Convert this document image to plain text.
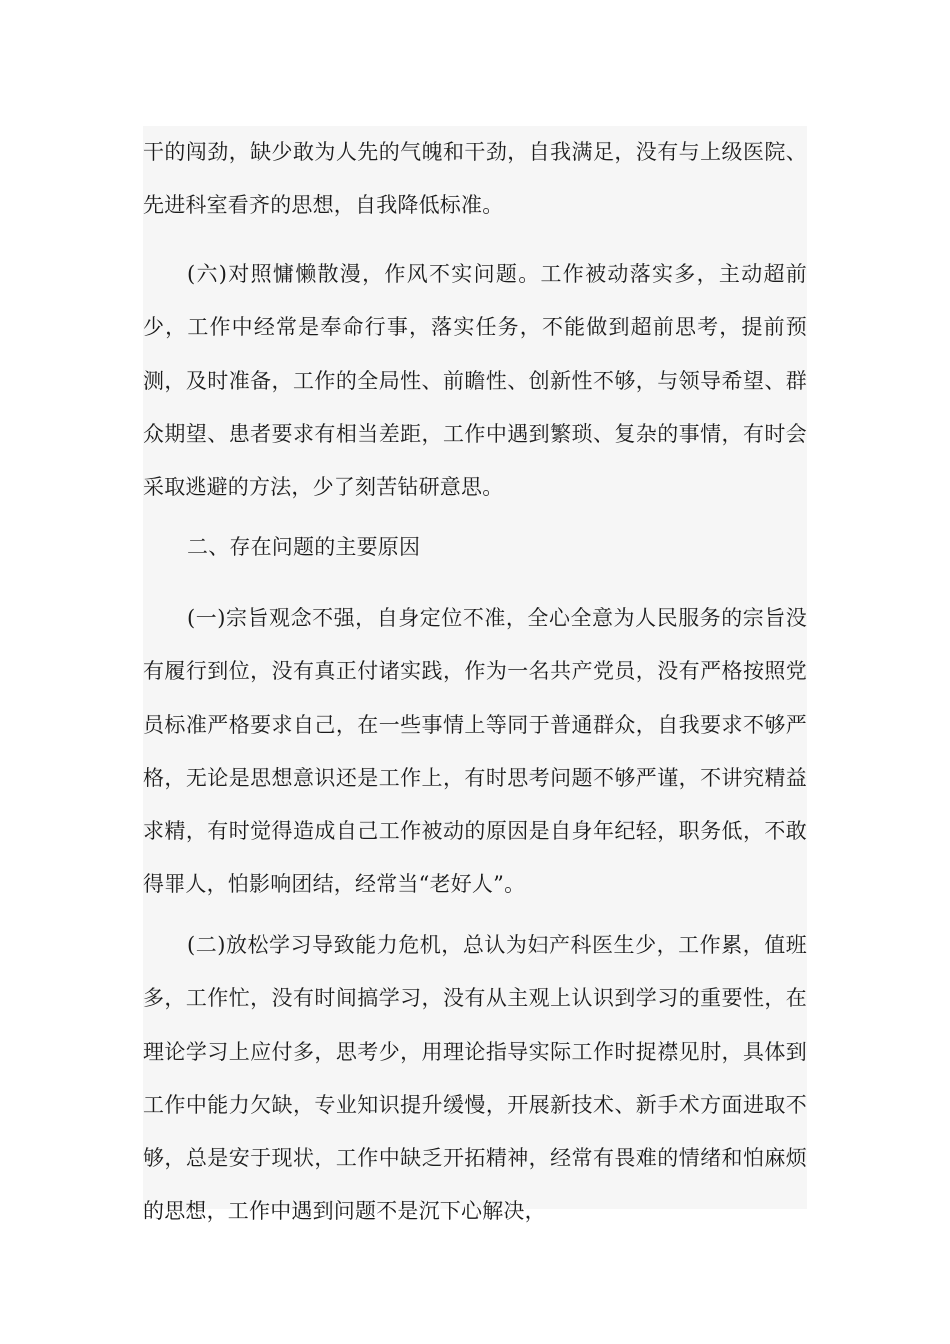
干的闯劲，缺少敢为人先的气魄和干劲，自我满足，没有与上级医院、先进科室看齐的思想，自我降低标准。

(六)对照慵懒散漫，作风不实问题。工作被动落实多，主动超前少，工作中经常是奉命行事，落实任务，不能做到超前思考，提前预测，及时准备，工作的全局性、前瞻性、创新性不够，与领导希望、群众期望、患者要求有相当差距，工作中遇到繁琐、复杂的事情，有时会采取逃避的方法，少了刻苦钻研意思。

二、存在问题的主要原因

(一)宗旨观念不强，自身定位不准，全心全意为人民服务的宗旨没有履行到位，没有真正付诸实践，作为一名共产党员，没有严格按照党员标准严格要求自己，在一些事情上等同于普通群众，自我要求不够严格，无论是思想意识还是工作上，有时思考问题不够严谨，不讲究精益求精，有时觉得造成自己工作被动的原因是自身年纪轻，职务低，不敢得罪人，怕影响团结，经常当“老好人”。

(二)放松学习导致能力危机，总认为妇产科医生少，工作累，值班多，工作忙，没有时间搞学习，没有从主观上认识到学习的重要性，在理论学习上应付多，思考少，用理论指导实际工作时捉襟见肘，具体到工作中能力欠缺，专业知识提升缓慢，开展新技术、新手术方面进取不够，总是安于现状，工作中缺乏开拓精神，经常有畏难的情绪和怕麻烦的思想，工作中遇到问题不是沉下心解决，
